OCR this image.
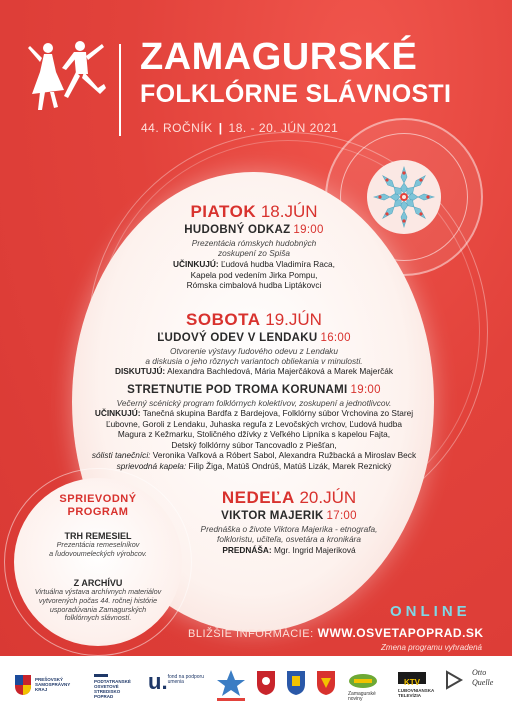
ZAMAGURSKÉ
FOLKLÓRNE SLÁVNOSTI
44. ROČNÍK | 18. - 20. JÚN 2021
PIATOK 18.JÚN
HUDOBNÝ ODKAZ 19:00
Prezentácia rómskych hudobných
zoskupení zo Spiša
UČINKUJÚ: Ľudová hudba Vladimíra Raca,
Kapela pod vedením Jirka Pompu,
Rómska cimbalová hudba Liptákovci
SOBOTA 19.JÚN
ĽUDOVÝ ODEV V LENDAKU 16:00
Otvorenie výstavy ľudového odevu z Lendaku
a diskusia o jeho rôznych variantoch obliekania v minulosti.
DISKUTUJÚ: Alexandra Bachledová, Mária Majerčáková a Marek Majerčák
STRETNUTIE POD TROMA KORUNAMI 19:00
Večerný scénický program folklórnych kolektívov, zoskupení a jednotlivcov.
UČINKUJÚ: Tanečná skupina Bardfa z Bardejova, Folklórny súbor Vrchovina zo Starej
Ľubovne, Goroli z Lendaku, Juhaska reguľa z Levočských vrchov, Ľudová hudba
Magura z Kežmarku, Stoličného džívky z Veľkého Lipníka s kapelou Fajta,
Detský folklórny súbor Tancovadlo z Piešťan,
sólisti tanečníci: Veronika Vaľková a Róbert Sabol, Alexandra Ružbacká a Miroslav Beck
sprievodná kapela: Filip Žiga, Matúš Ondrúš, Matúš Lizák, Marek Reznický
NEDEĽA 20.JÚN
VIKTOR MAJERIK 17:00
Prednáška o živote Viktora Majerika - etnografa,
folkloristu, učiteľa, osvetára a kronikára
PREDNÁŠA: Mgr. Ingrid Majeriková
SPRIEVODNÝ
PROGRAM
TRH REMESIEL
Prezentácia remeselníkov
a ľudovoumeleckých výrobcov.
Z ARCHÍVU
Virtuálna výstava archívnych materiálov
vytvorených počas 44. ročnej histórie
usporadúvania Zamagurských
folklórnych slávností.	ONLINE
BLIŽŠIE INFORMÁCIE: WWW.OSVETAPOPRAD.SK
Zmena programu vyhradená
PREŠOVSKÝ SAMOSPRÁVNY KRAJ
PODTATRANSKÉ OSVETOVÉ STREDISKO POPRAD
u. fond na podporu umenia
Zamagurské noviny
KTV
ĽUBOVNIANSKA TELEVÍZIA
Otto Quelle
